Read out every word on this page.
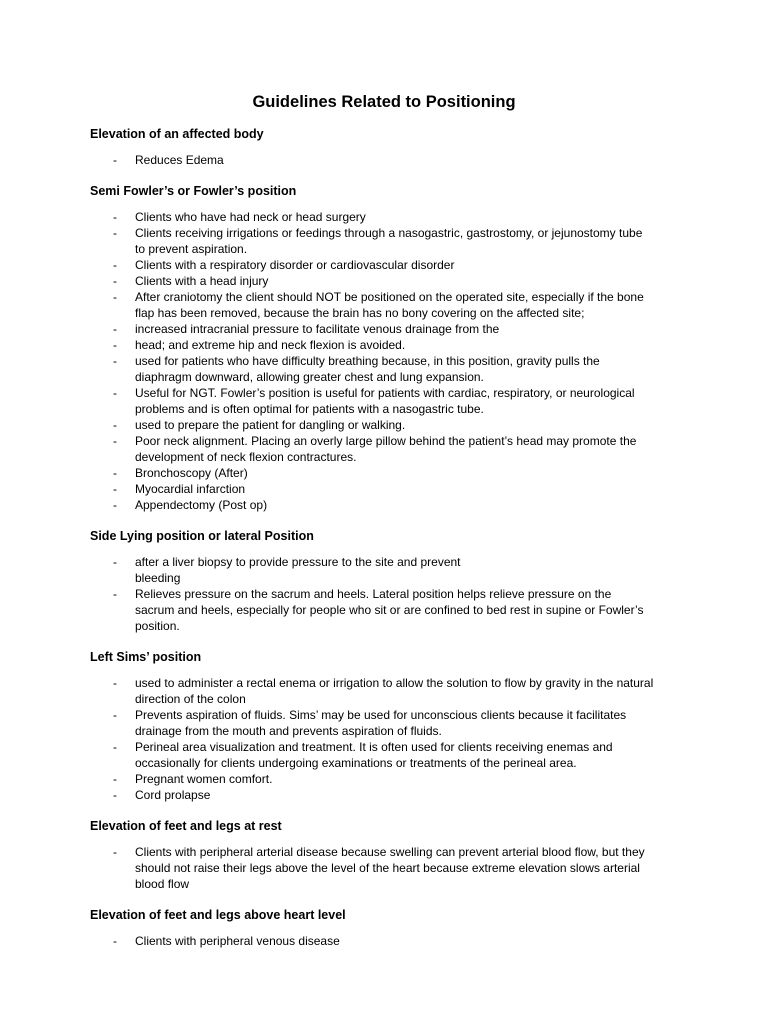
Guidelines Related to Positioning
Elevation of an affected body
- Reduces Edema
Semi Fowler’s or Fowler’s position
- Clients who have had neck or head surgery
- Clients receiving irrigations or feedings through a nasogastric, gastrostomy, or jejunostomy tube
to prevent aspiration.
- Clients with a respiratory disorder or cardiovascular disorder
- Clients with a head injury
- After craniotomy the client should NOT be positioned on the operated site, especially if the bone
flap has been removed, because the brain has no bony covering on the affected site;
- increased intracranial pressure to facilitate venous drainage from the
- head; and extreme hip and neck flexion is avoided.
- used for patients who have difficulty breathing because, in this position, gravity pulls the
diaphragm downward, allowing greater chest and lung expansion.
- Useful for NGT. Fowler’s position is useful for patients with cardiac, respiratory, or neurological
problems and is often optimal for patients with a nasogastric tube.
- used to prepare the patient for dangling or walking.
- Poor neck alignment. Placing an overly large pillow behind the patient’s head may promote the
development of neck flexion contractures.
- Bronchoscopy (After)
- Myocardial infarction
- Appendectomy (Post op)
Side Lying position or lateral Position
- after a liver biopsy to provide pressure to the site and prevent
bleeding
- Relieves pressure on the sacrum and heels. Lateral position helps relieve pressure on the
sacrum and heels, especially for people who sit or are confined to bed rest in supine or Fowler’s
position.
Left Sims’ position
- used to administer a rectal enema or irrigation to allow the solution to flow by gravity in the natural
direction of the colon
- Prevents aspiration of fluids. Sims’ may be used for unconscious clients because it facilitates
drainage from the mouth and prevents aspiration of fluids.
- Perineal area visualization and treatment. It is often used for clients receiving enemas and
occasionally for clients undergoing examinations or treatments of the perineal area.
- Pregnant women comfort.
- Cord prolapse
Elevation of feet and legs at rest
- Clients with peripheral arterial disease because swelling can prevent arterial blood flow, but they
should not raise their legs above the level of the heart because extreme elevation slows arterial
blood flow
Elevation of feet and legs above heart level
- Clients with peripheral venous disease
